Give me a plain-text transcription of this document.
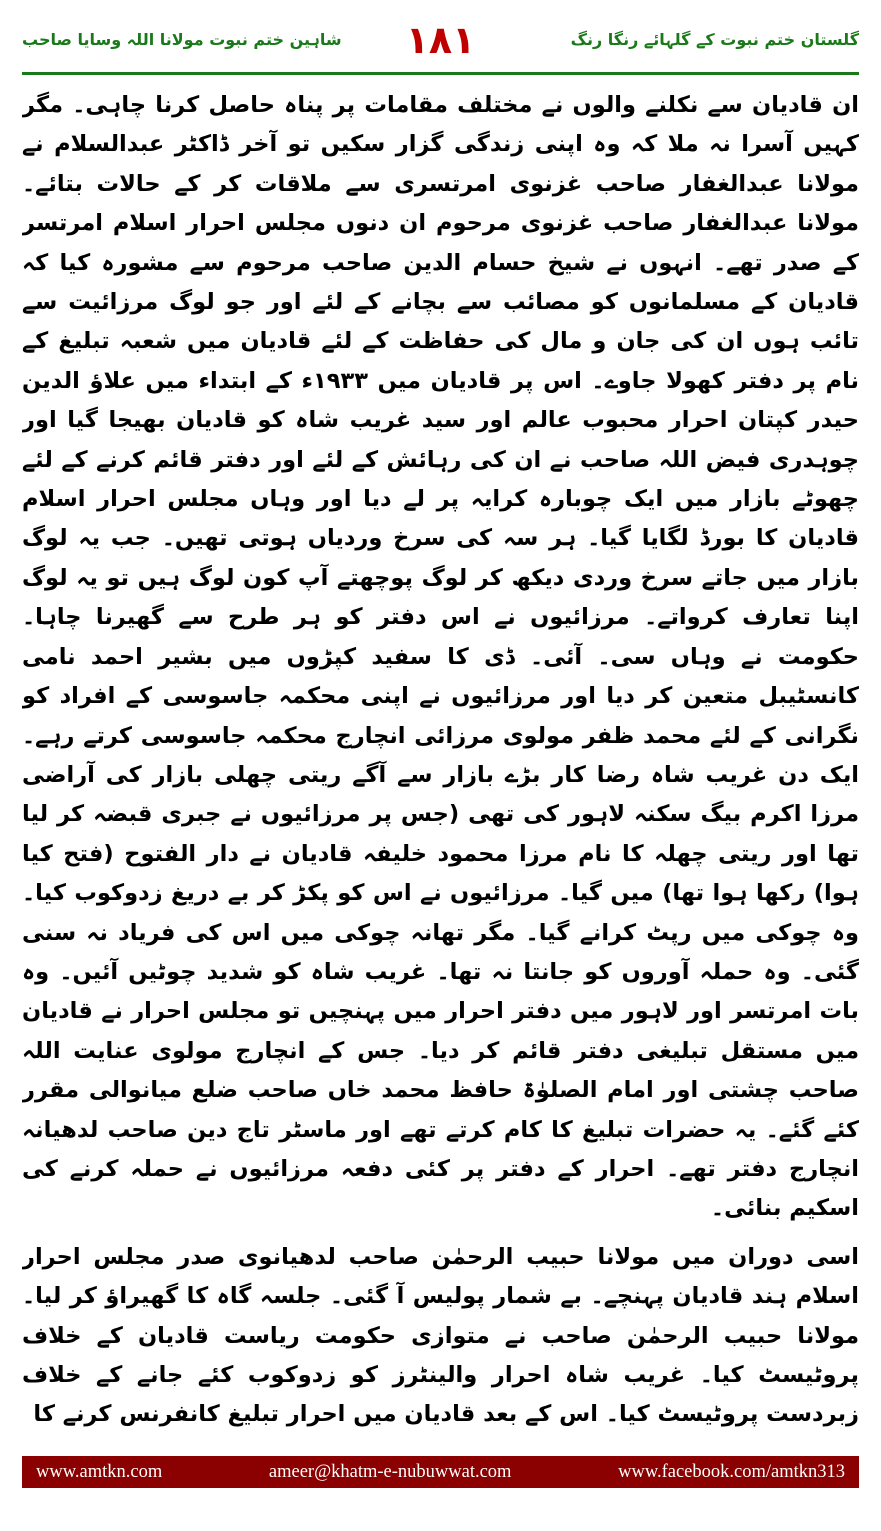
گلستان ختم نبوت کے گلہائے رنگا رنگ
۱۸۱
شاہین ختم نبوت مولانا اللہ وسایا صاحب

ان قادیان سے نکلنے والوں نے مختلف مقامات پر پناہ حاصل کرنا چاہی۔ مگر کہیں آسرا نہ ملا کہ وہ اپنی زندگی گزار سکیں تو آخر ڈاکٹر عبدالسلام نے مولانا عبدالغفار صاحب غزنوی امرتسری سے ملاقات کر کے حالات بتائے۔ مولانا عبدالغفار صاحب غزنوی مرحوم ان دنوں مجلس احرار اسلام امرتسر کے صدر تھے۔ انہوں نے شیخ حسام الدین صاحب مرحوم سے مشورہ کیا کہ قادیان کے مسلمانوں کو مصائب سے بچانے کے لئے اور جو لوگ مرزائیت سے تائب ہوں ان کی جان و مال کی حفاظت کے لئے قادیان میں شعبہ تبلیغ کے نام پر دفتر کھولا جاوے۔ اس پر قادیان میں ۱۹۳۳ء کے ابتداء میں علاؤ الدین حیدر کپتان احرار محبوب عالم اور سید غریب شاہ کو قادیان بھیجا گیا اور چوہدری فیض اللہ صاحب نے ان کی رہائش کے لئے اور دفتر قائم کرنے کے لئے چھوٹے بازار میں ایک چوبارہ کرایہ پر لے دیا اور وہاں مجلس احرار اسلام قادیان کا بورڈ لگایا گیا۔ ہر سہ کی سرخ وردیاں ہوتی تھیں۔ جب یہ لوگ بازار میں جاتے سرخ وردی دیکھ کر لوگ پوچھتے آپ کون لوگ ہیں تو یہ لوگ اپنا تعارف کرواتے۔ مرزائیوں نے اس دفتر کو ہر طرح سے گھیرنا چاہا۔ حکومت نے وہاں سی۔ آئی۔ ڈی کا سفید کپڑوں میں بشیر احمد نامی کانسٹیبل متعین کر دیا اور مرزائیوں نے اپنی محکمہ جاسوسی کے افراد کو نگرانی کے لئے محمد ظفر مولوی مرزائی انچارج محکمہ جاسوسی کرتے رہے۔ ایک دن غریب شاہ رضا کار بڑے بازار سے آگے ریتی چھلی بازار کی آراضی مرزا اکرم بیگ سکنہ لاہور کی تھی (جس پر مرزائیوں نے جبری قبضہ کر لیا تھا اور ریتی چھلہ کا نام مرزا محمود خلیفہ قادیان نے دار الفتوح (فتح کیا ہوا) رکھا ہوا تھا) میں گیا۔ مرزائیوں نے اس کو پکڑ کر بے دریغ زدوکوب کیا۔ وہ چوکی میں رپٹ کرانے گیا۔ مگر تھانہ چوکی میں اس کی فریاد نہ سنی گئی۔ وہ حملہ آوروں کو جانتا نہ تھا۔ غریب شاہ کو شدید چوٹیں آئیں۔ وہ بات امرتسر اور لاہور میں دفتر احرار میں پہنچیں تو مجلس احرار نے قادیان میں مستقل تبلیغی دفتر قائم کر دیا۔ جس کے انچارج مولوی عنایت اللہ صاحب چشتی اور امام الصلوٰۃ حافظ محمد خاں صاحب ضلع میانوالی مقرر کئے گئے۔ یہ حضرات تبلیغ کا کام کرتے تھے اور ماسٹر تاج دین صاحب لدھیانہ انچارج دفتر تھے۔ احرار کے دفتر پر کئی دفعہ مرزائیوں نے حملہ کرنے کی اسکیم بنائی۔

اسی دوران میں مولانا حبیب الرحمٰن صاحب لدھیانوی صدر مجلس احرار اسلام ہند قادیان پہنچے۔ بے شمار پولیس آ گئی۔ جلسہ گاہ کا گھیراؤ کر لیا۔ مولانا حبیب الرحمٰن صاحب نے متوازی حکومت ریاست قادیان کے خلاف پروٹیسٹ کیا۔ غریب شاہ احرار والینٹرز کو زدوکوب کئے جانے کے خلاف زبردست پروٹیسٹ کیا۔ اس کے بعد قادیان میں احرار تبلیغ کانفرنس کرنے کا

www.amtkn.com	ameer@khatm-e-nubuwwat.com	www.facebook.com/amtkn313
